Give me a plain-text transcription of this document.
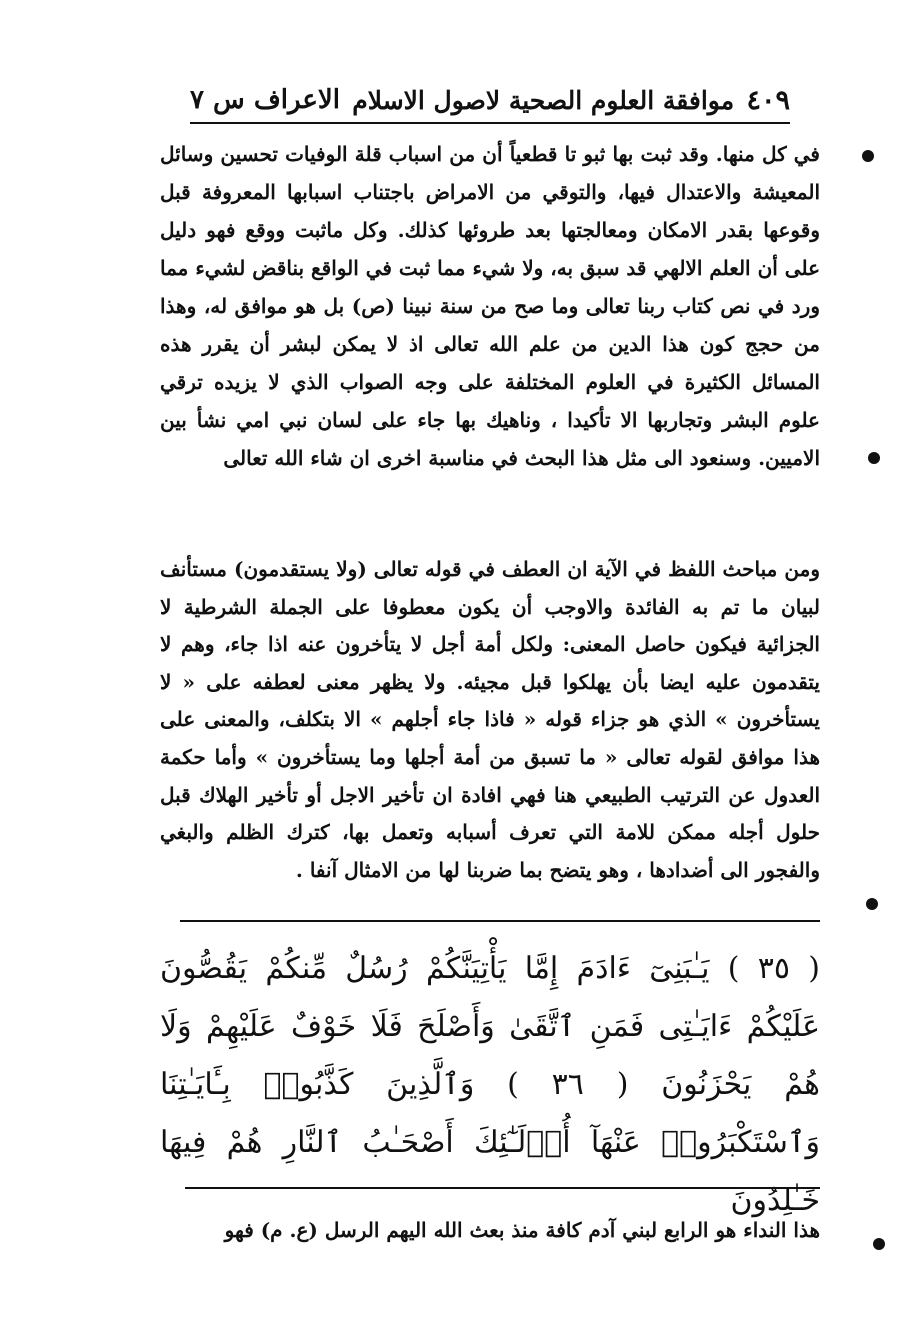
٤٠٩
موافقة العلوم الصحية لاصول الاسلام
الاعراف س ٧
في كل منها. وقد ثبت بها ثبو تا قطعياً أن من اسباب قلة الوفيات تحسين وسائل المعيشة والاعتدال فيها، والتوقي من الامراض باجتناب اسبابها المعروفة قبل وقوعها بقدر الامكان ومعالجتها بعد طروئها كذلك. وكل ماثبت ووقع فهو دليل على أن العلم الالهي قد سبق به، ولا شيء مما ثبت في الواقع بناقض لشيء مما ورد في نص كتاب ربنا تعالى وما صح من سنة نبينا (ص) بل هو موافق له، وهذا من حجج كون هذا الدين من علم الله تعالى اذ لا يمكن لبشر أن يقرر هذه المسائل الكثيرة في العلوم المختلفة على وجه الصواب الذي لا يزيده ترقي علوم البشر وتجاربها الا تأكيدا ، وناهيك بها جاء على لسان نبي امي نشأ بين الاميين. وسنعود الى مثل هذا البحث في مناسبة اخرى ان شاء الله تعالى
ومن مباحث اللفظ في الآية ان العطف في قوله تعالى (ولا يستقدمون) مستأنف لبيان ما تم به الفائدة والاوجب أن يكون معطوفا على الجملة الشرطية لا الجزائية فيكون حاصل المعنى: ولكل أمة أجل لا يتأخرون عنه اذا جاء، وهم لا يتقدمون عليه ايضا بأن يهلكوا قبل مجيئه. ولا يظهر معنى لعطفه على « لا يستأخرون » الذي هو جزاء قوله « فاذا جاء أجلهم » الا بتكلف، والمعنى على هذا موافق لقوله تعالى « ما تسبق من أمة أجلها وما يستأخرون » وأما حكمة العدول عن الترتيب الطبيعي هنا فهي افادة ان تأخير الاجل أو تأخير الهلاك قبل حلول أجله ممكن للامة التي تعرف أسبابه وتعمل بها، كترك الظلم والبغي والفجور الى أضدادها ، وهو يتضح بما ضربنا لها من الامثال آنفا .
( ٣٥ ) يَـٰبَنِىٓ ءَادَمَ إِمَّا يَأْتِيَنَّكُمْ رُسُلٌ مِّنكُمْ يَقُصُّونَ عَلَيْكُمْ ءَايَـٰتِى فَمَنِ ٱتَّقَىٰ وَأَصْلَحَ فَلَا خَوْفٌ عَلَيْهِمْ وَلَا هُمْ يَحْزَنُونَ ( ٣٦ ) وَٱلَّذِينَ كَذَّبُوا۟ بِـَٔايَـٰتِنَا وَٱسْتَكْبَرُوا۟ عَنْهَآ أُو۟لَـٰٓئِكَ أَصْحَـٰبُ ٱلنَّارِ هُمْ فِيهَا خَـٰلِدُونَ
هذا النداء هو الرابع لبني آدم كافة منذ بعث الله اليهم الرسل (ع. م) فهو
